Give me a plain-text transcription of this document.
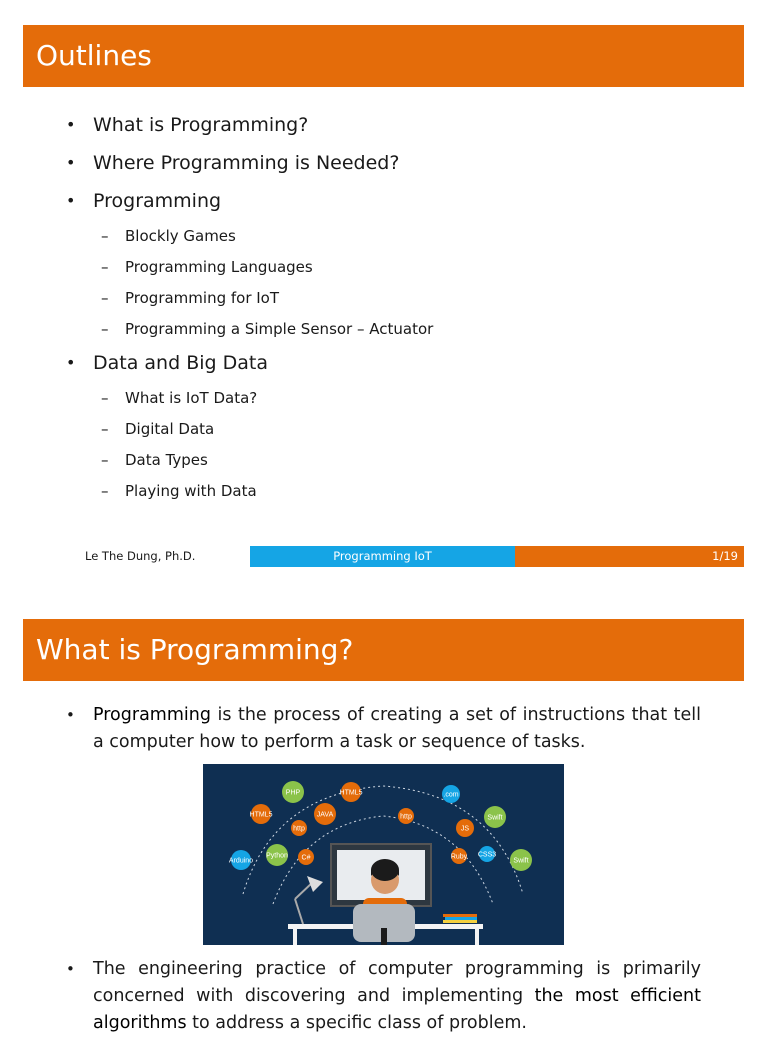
Outlines
• What is Programming?
• Where Programming is Needed?
• Programming
– Blockly Games
– Programming Languages
– Programming for IoT
– Programming a Simple Sensor – Actuator
• Data and Big Data
– What is IoT Data?
– Digital Data
– Data Types
– Playing with Data
Le The Dung, Ph.D.	Programming IoT	1/19
What is Programming?
•	Programming is the process of creating a set of instructions that tell a computer how to perform a task or sequence of tasks.
PHP	HTML5
JAVA
HTML5
http
Python
Arduino	C#
http
JS
Swift
.com
Ruby CSS3
Swift
•	The engineering practice of computer programming is primarily concerned with discovering and implementing the most efficient algorithms to address a specific class of problem.
